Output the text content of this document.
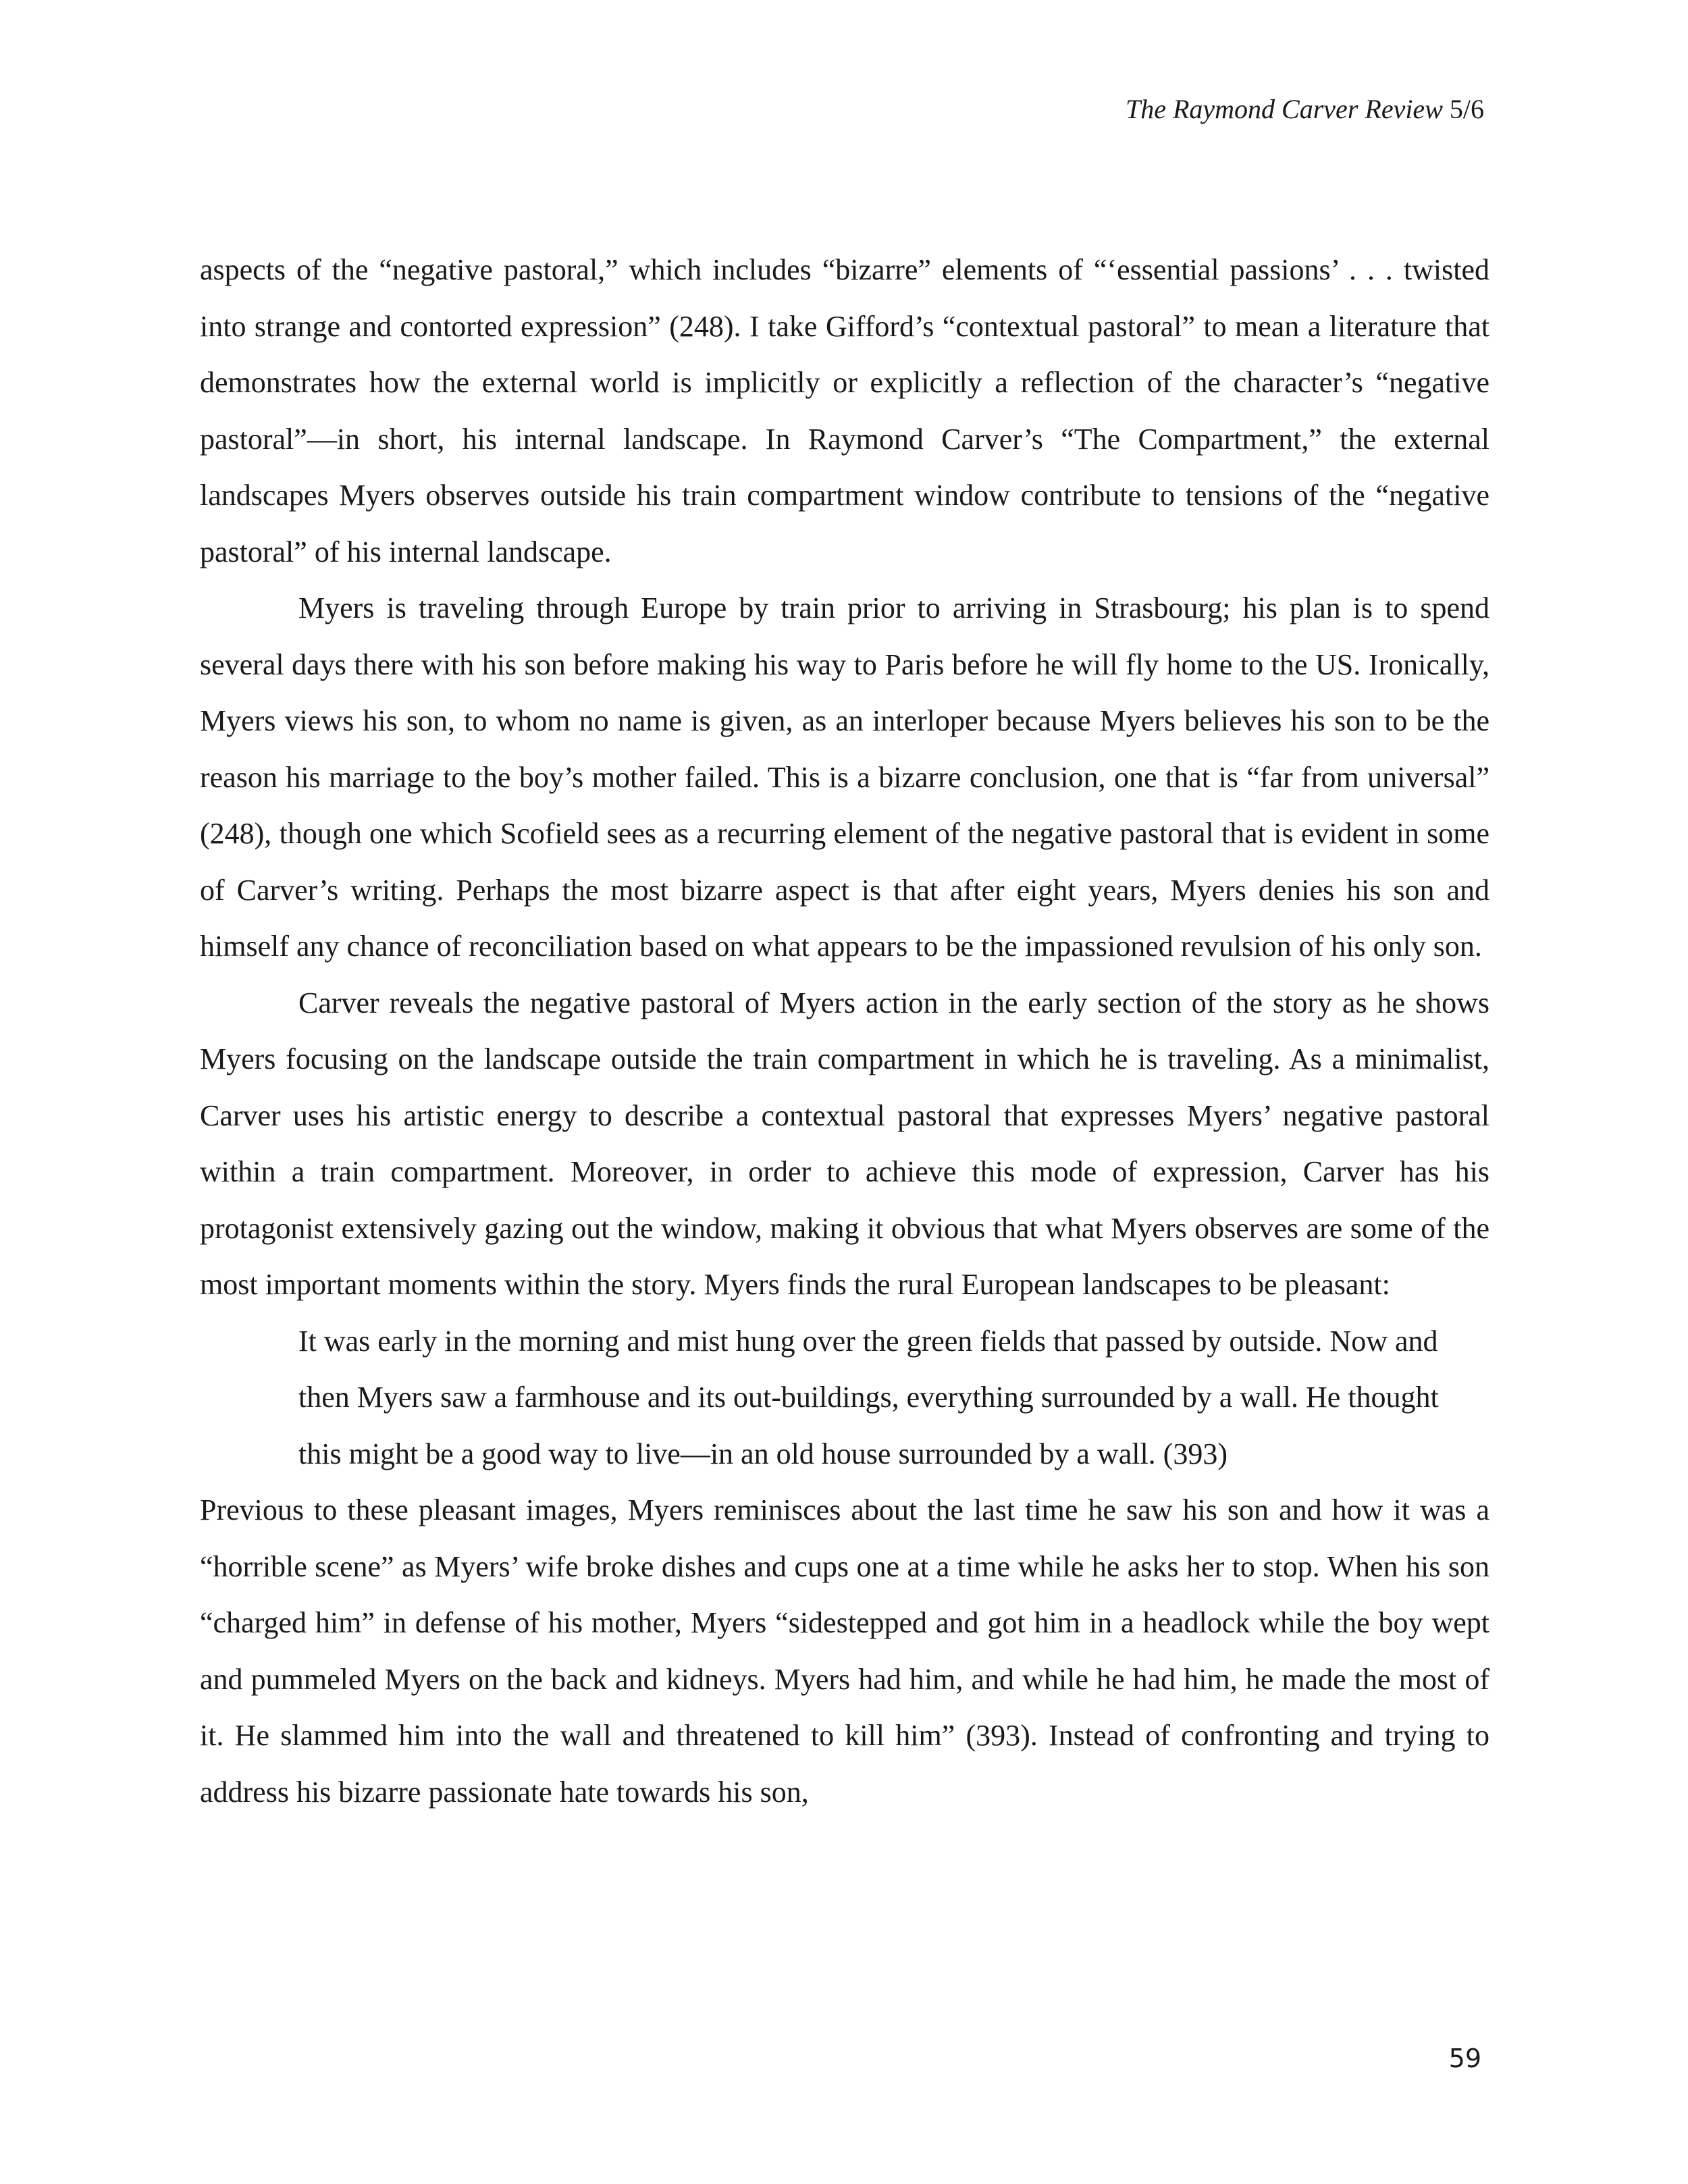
The Raymond Carver Review 5/6

aspects of the “negative pastoral,” which includes “bizarre” elements of “‘essential passions’ . . . twisted into strange and contorted expression” (248). I take Gifford’s “contextual pastoral” to mean a literature that demonstrates how the external world is implicitly or explicitly a reflection of the character’s “negative pastoral”—in short, his internal landscape. In Raymond Carver’s “The Compartment,” the external landscapes Myers observes outside his train compartment window contribute to tensions of the “negative pastoral” of his internal landscape.

Myers is traveling through Europe by train prior to arriving in Strasbourg; his plan is to spend several days there with his son before making his way to Paris before he will fly home to the US. Ironically, Myers views his son, to whom no name is given, as an interloper because Myers believes his son to be the reason his marriage to the boy’s mother failed. This is a bizarre conclusion, one that is “far from universal” (248), though one which Scofield sees as a recurring element of the negative pastoral that is evident in some of Carver’s writing. Perhaps the most bizarre aspect is that after eight years, Myers denies his son and himself any chance of reconciliation based on what appears to be the impassioned revulsion of his only son.

Carver reveals the negative pastoral of Myers action in the early section of the story as he shows Myers focusing on the landscape outside the train compartment in which he is traveling. As a minimalist, Carver uses his artistic energy to describe a contextual pastoral that expresses Myers’ negative pastoral within a train compartment. Moreover, in order to achieve this mode of expression, Carver has his protagonist extensively gazing out the window, making it obvious that what Myers observes are some of the most important moments within the story. Myers finds the rural European landscapes to be pleasant:

It was early in the morning and mist hung over the green fields that passed by outside. Now and then Myers saw a farmhouse and its out-buildings, everything surrounded by a wall. He thought this might be a good way to live—in an old house surrounded by a wall. (393)

Previous to these pleasant images, Myers reminisces about the last time he saw his son and how it was a “horrible scene” as Myers’ wife broke dishes and cups one at a time while he asks her to stop. When his son “charged him” in defense of his mother, Myers “sidestepped and got him in a headlock while the boy wept and pummeled Myers on the back and kidneys. Myers had him, and while he had him, he made the most of it. He slammed him into the wall and threatened to kill him” (393). Instead of confronting and trying to address his bizarre passionate hate towards his son,

59
